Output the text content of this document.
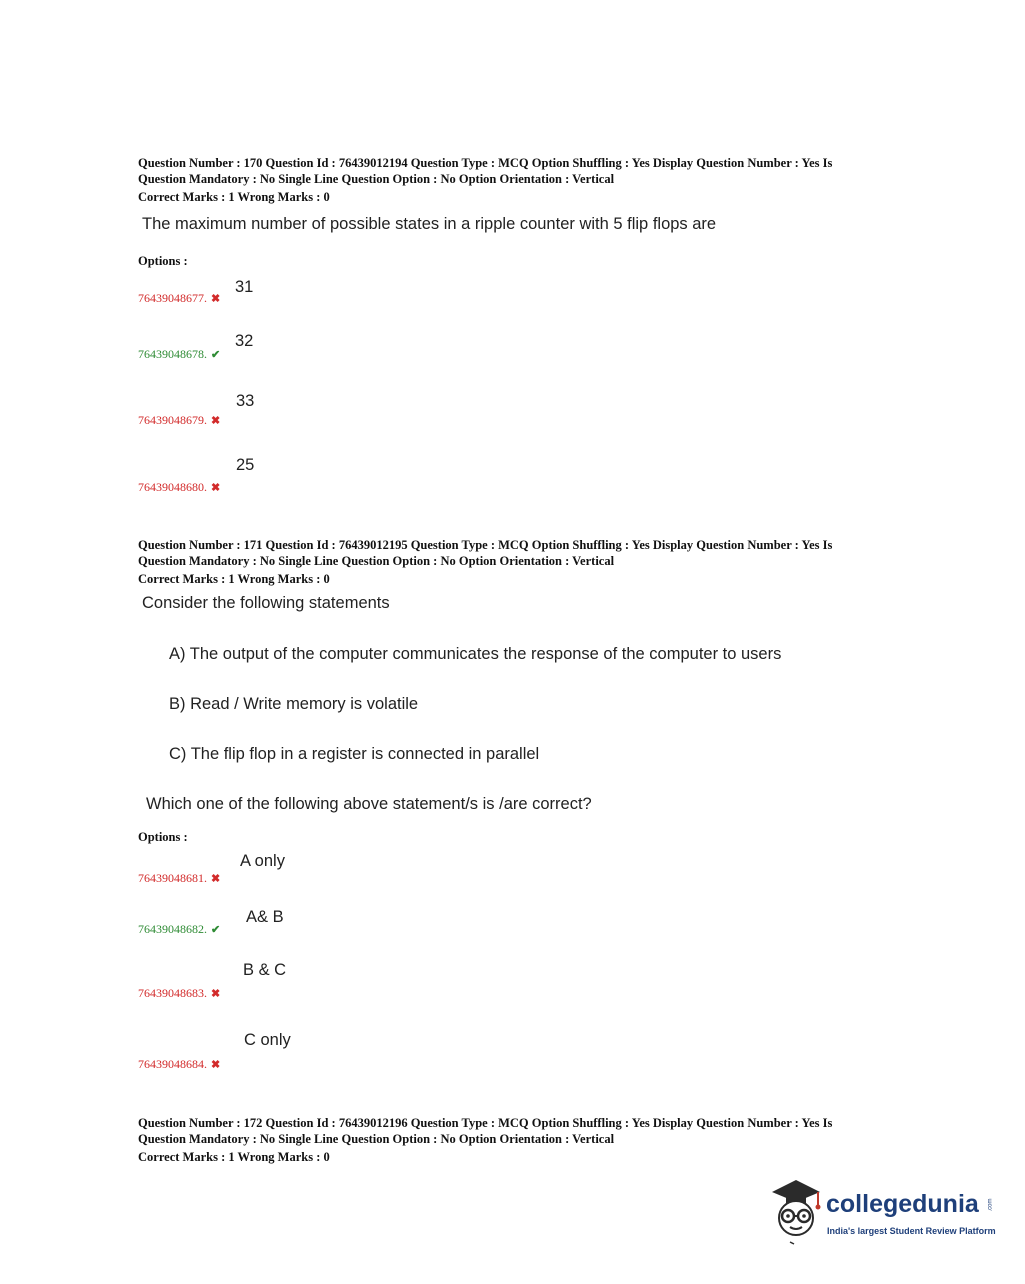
Question Number : 170 Question Id : 76439012194 Question Type : MCQ Option Shuffling : Yes Display Question Number : Yes Is
Question Mandatory : No Single Line Question Option : No Option Orientation : Vertical
Correct Marks : 1 Wrong Marks : 0
The maximum number of possible states in a ripple counter with 5 flip flops are
Options :
31
76439048677. ✖
32
76439048678. ✔
33
76439048679. ✖
25
76439048680. ✖
Question Number : 171 Question Id : 76439012195 Question Type : MCQ Option Shuffling : Yes Display Question Number : Yes Is
Question Mandatory : No Single Line Question Option : No Option Orientation : Vertical
Correct Marks : 1 Wrong Marks : 0
Consider the following statements
A) The output of the computer communicates the response of the computer to users
B) Read / Write memory is volatile
C) The flip flop in a register is connected in parallel
Which one of the following above statement/s is /are correct?
Options :
A only
76439048681. ✖
A& B
76439048682. ✔
B & C
76439048683. ✖
C only
76439048684. ✖
Question Number : 172 Question Id : 76439012196 Question Type : MCQ Option Shuffling : Yes Display Question Number : Yes Is
Question Mandatory : No Single Line Question Option : No Option Orientation : Vertical
Correct Marks : 1 Wrong Marks : 0
collegedunia .com
India's largest Student Review Platform
